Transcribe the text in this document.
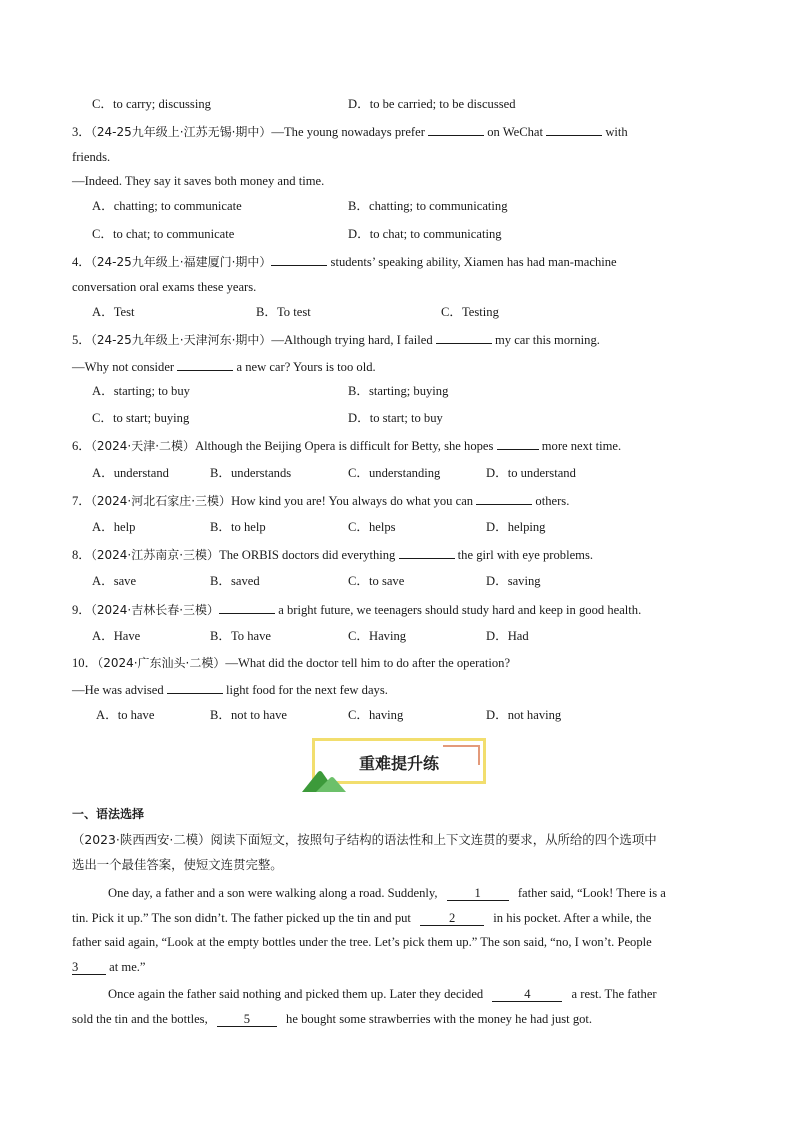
C．to carry; discussing	D．to be carried; to be discussed
3．（24-25九年级上·江苏无锡·期中）—The young nowadays prefer	on WeChat	with
friends.
—Indeed. They say it saves both money and time.
A．chatting; to communicate	B．chatting; to communicating
C．to chat; to communicate	D．to chat; to communicating
4．（24-25九年级上·福建厦门·期中）	students’ speaking ability, Xiamen has had man-machine
conversation oral exams these years.
A．Test	B．To test	C．Testing
5．（24-25九年级上·天津河东·期中）—Although trying hard, I failed	my car this morning.
—Why not consider	a new car? Yours is too old.
A．starting; to buy	B．starting; buying
C．to start; buying	D．to start; to buy
6．（2024·天津·二模）Although the Beijing Opera is difficult for Betty, she hopes	more next time.
A．understand	B．understands	C．understanding	D．to understand
7．（2024·河北石家庄·三模）How kind you are! You always do what you can	others.
A．help	B．to help	C．helps	D．helping
8．（2024·江苏南京·三模）The ORBIS doctors did everything	the girl with eye problems.
A．save	B．saved	C．to save	D．saving
9．（2024·吉林长春·三模）	a bright future, we teenagers should study hard and keep in good health.
A．Have	B．To have	C．Having	D．Had
10．（2024·广东汕头·二模）—What did the doctor tell him to do after the operation?
—He was advised	light food for the next few days.
A．to have	B．not to have	C．having	D．not having
重难提升练
一、语法选择
（2023·陕西西安·二模）阅读下面短文，按照句子结构的语法性和上下文连贯的要求，从所给的四个选项中
选出一个最佳答案，使短文连贯完整。
One day, a father and a son were walking along a road. Suddenly,	1	father said, “Look! There is a
tin. Pick it up.” The son didn’t. The father picked up the tin and put	2	in his pocket. After a while, the
father said again, “Look at the empty bottles under the tree. Let’s pick them up.” The son said, “no, I won’t. People
3 at me.”
Once again the father said nothing and picked them up. Later they decided	4	a rest. The father
sold the tin and the bottles,	5	he bought some strawberries with the money he had just got.
